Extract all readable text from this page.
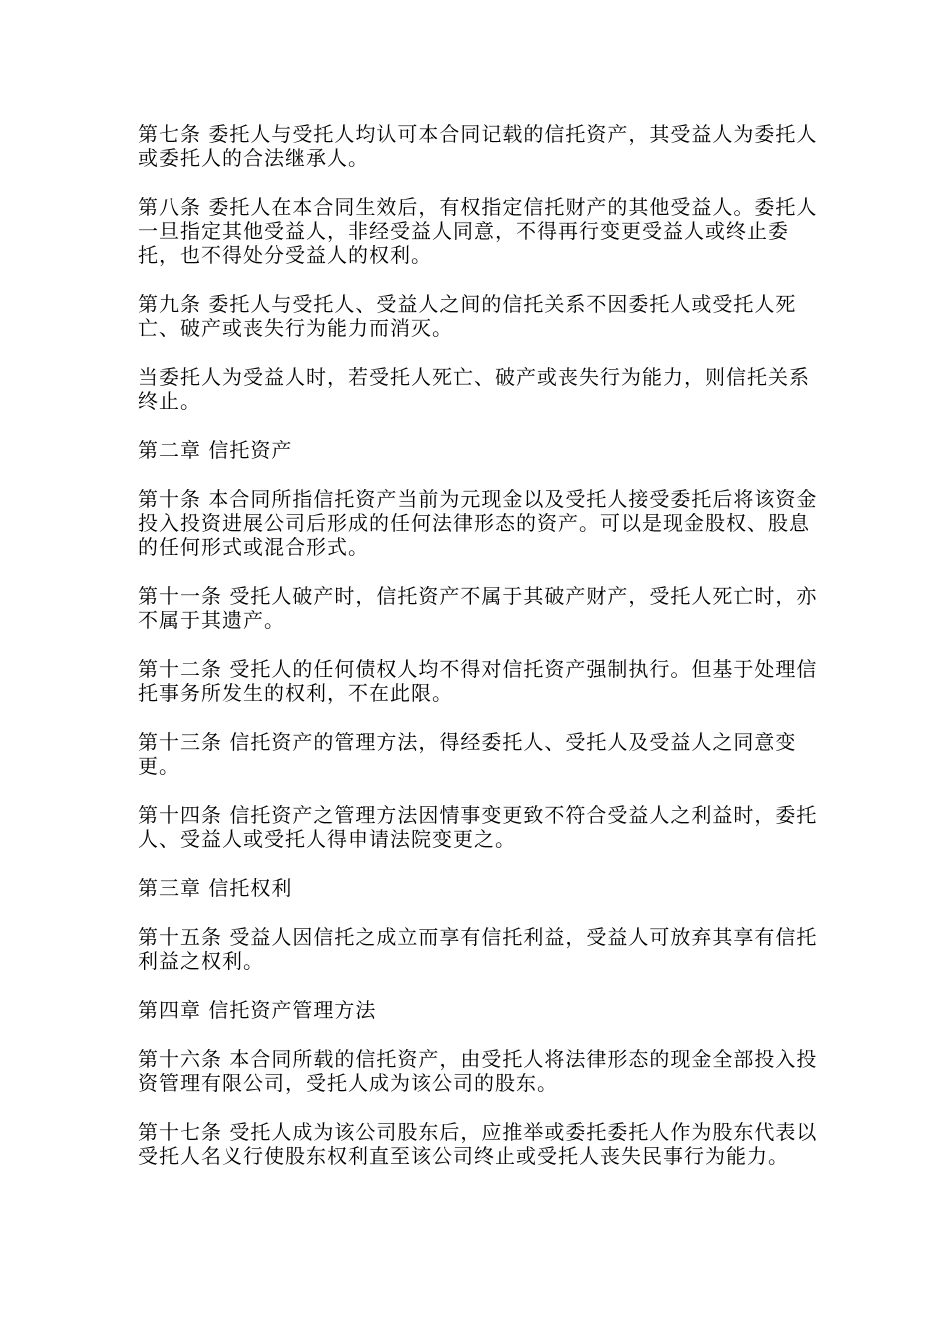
第七条 委托人与受托人均认可本合同记载的信托资产，其受益人为委托人或委托人的合法继承人。

第八条 委托人在本合同生效后，有权指定信托财产的其他受益人。委托人一旦指定其他受益人，非经受益人同意，不得再行变更受益人或终止委托，也不得处分受益人的权利。

第九条 委托人与受托人、受益人之间的信托关系不因委托人或受托人死亡、破产或丧失行为能力而消灭。

当委托人为受益人时，若受托人死亡、破产或丧失行为能力，则信托关系终止。

第二章 信托资产

第十条 本合同所指信托资产当前为元现金以及受托人接受委托后将该资金投入投资进展公司后形成的任何法律形态的资产。可以是现金股权、股息的任何形式或混合形式。

第十一条 受托人破产时，信托资产不属于其破产财产，受托人死亡时，亦不属于其遗产。

第十二条 受托人的任何债权人均不得对信托资产强制执行。但基于处理信托事务所发生的权利，不在此限。

第十三条 信托资产的管理方法，得经委托人、受托人及受益人之同意变更。

第十四条 信托资产之管理方法因情事变更致不符合受益人之利益时，委托人、受益人或受托人得申请法院变更之。

第三章 信托权利

第十五条 受益人因信托之成立而享有信托利益，受益人可放弃其享有信托利益之权利。

第四章 信托资产管理方法

第十六条 本合同所载的信托资产，由受托人将法律形态的现金全部投入投资管理有限公司，受托人成为该公司的股东。

第十七条 受托人成为该公司股东后，应推举或委托委托人作为股东代表以受托人名义行使股东权利直至该公司终止或受托人丧失民事行为能力。
